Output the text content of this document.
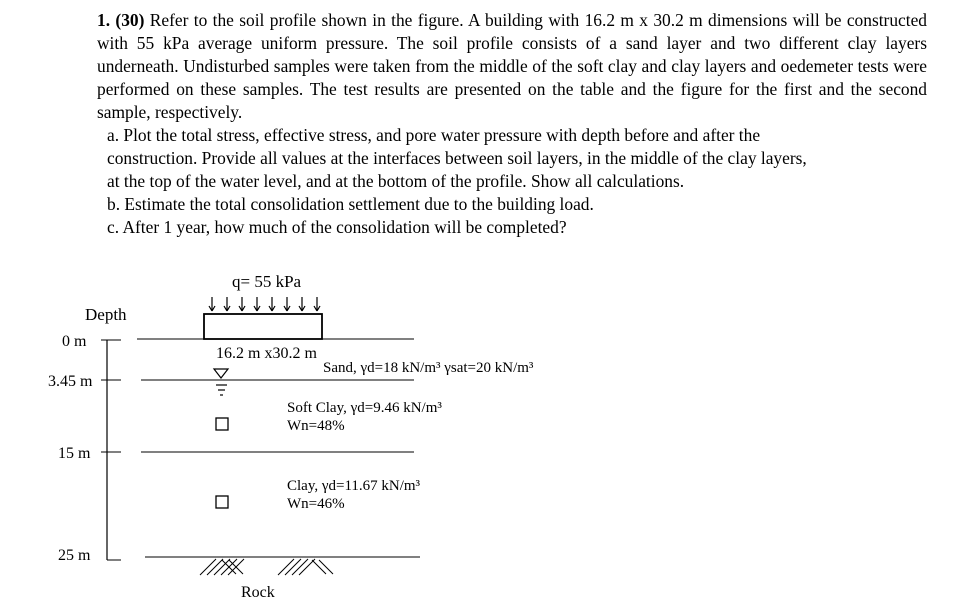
1. (30) Refer to the soil profile shown in the figure. A building with 16.2 m x 30.2 m dimensions will be constructed with 55 kPa average uniform pressure. The soil profile consists of a sand layer and two different clay layers underneath. Undisturbed samples were taken from the middle of the soft clay and clay layers and oedemeter tests were performed on these samples. The test results are presented on the table and the figure for the first and the second sample, respectively.

a. Plot the total stress, effective stress, and pore water pressure with depth before and after the
construction. Provide all values at the interfaces between soil layers, in the middle of the clay layers,
at the top of the water level, and at the bottom of the profile. Show all calculations.
b. Estimate the total consolidation settlement due to the building load.
c. After 1 year, how much of the consolidation will be completed?
q= 55 kPa
16.2 m x30.2 m
Depth
0 m
3.45 m
15 m
25 m
Sand, γd=18 kN/m³ γsat=20 kN/m³
Soft Clay, γd=9.46 kN/m³
Wn=48%
Clay, γd=11.67 kN/m³
Wn=46%
Rock
